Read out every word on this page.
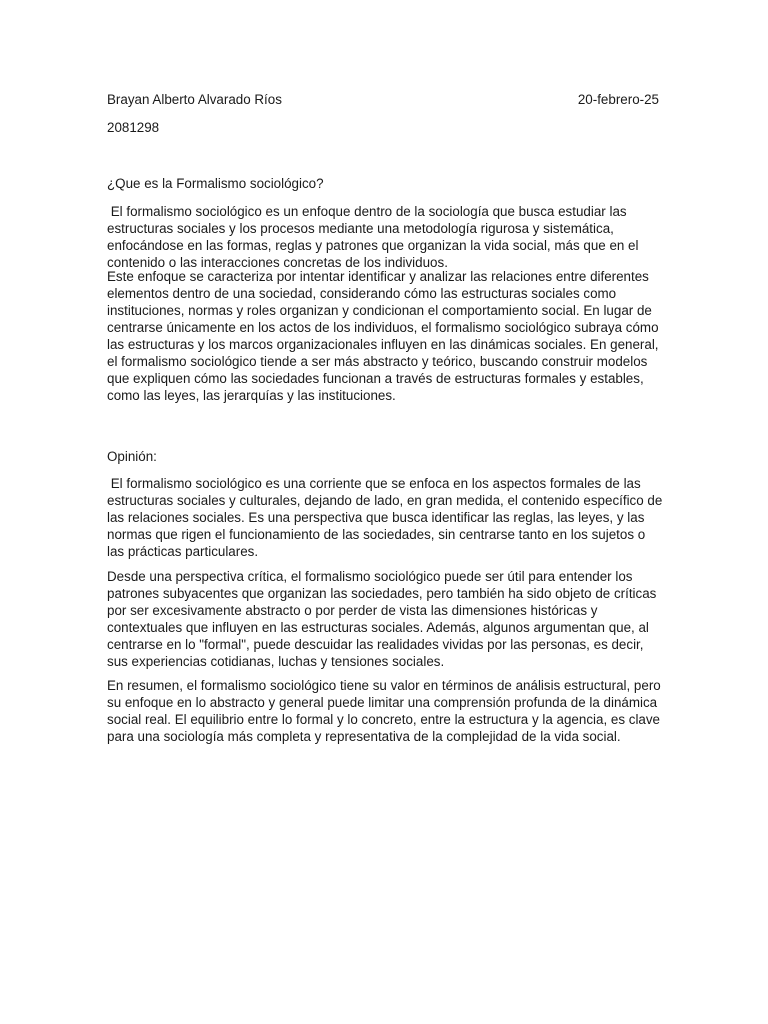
Brayan Alberto Alvarado Ríos	20-febrero-25
2081298

¿Que es la Formalismo sociológico?

El formalismo sociológico es un enfoque dentro de la sociología que busca estudiar las estructuras sociales y los procesos mediante una metodología rigurosa y sistemática, enfocándose en las formas, reglas y patrones que organizan la vida social, más que en el contenido o las interacciones concretas de los individuos.

Este enfoque se caracteriza por intentar identificar y analizar las relaciones entre diferentes elementos dentro de una sociedad, considerando cómo las estructuras sociales como instituciones, normas y roles organizan y condicionan el comportamiento social. En lugar de centrarse únicamente en los actos de los individuos, el formalismo sociológico subraya cómo las estructuras y los marcos organizacionales influyen en las dinámicas sociales. En general, el formalismo sociológico tiende a ser más abstracto y teórico, buscando construir modelos que expliquen cómo las sociedades funcionan a través de estructuras formales y estables, como las leyes, las jerarquías y las instituciones.

Opinión:

El formalismo sociológico es una corriente que se enfoca en los aspectos formales de las estructuras sociales y culturales, dejando de lado, en gran medida, el contenido específico de las relaciones sociales. Es una perspectiva que busca identificar las reglas, las leyes, y las normas que rigen el funcionamiento de las sociedades, sin centrarse tanto en los sujetos o las prácticas particulares.

Desde una perspectiva crítica, el formalismo sociológico puede ser útil para entender los patrones subyacentes que organizan las sociedades, pero también ha sido objeto de críticas por ser excesivamente abstracto o por perder de vista las dimensiones históricas y contextuales que influyen en las estructuras sociales. Además, algunos argumentan que, al centrarse en lo "formal", puede descuidar las realidades vividas por las personas, es decir, sus experiencias cotidianas, luchas y tensiones sociales.

En resumen, el formalismo sociológico tiene su valor en términos de análisis estructural, pero su enfoque en lo abstracto y general puede limitar una comprensión profunda de la dinámica social real. El equilibrio entre lo formal y lo concreto, entre la estructura y la agencia, es clave para una sociología más completa y representativa de la complejidad de la vida social.
